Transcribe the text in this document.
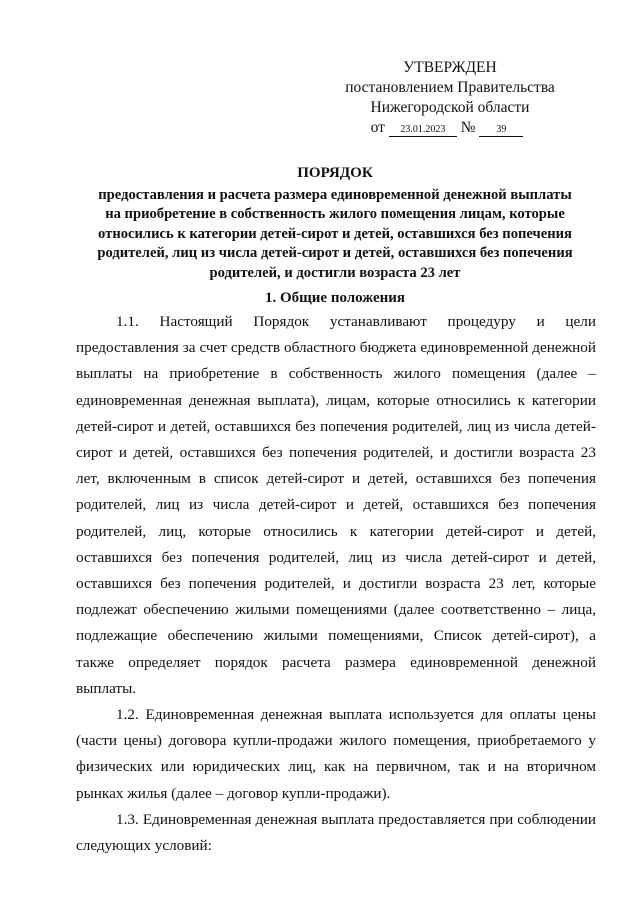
УТВЕРЖДЕН
постановлением Правительства
Нижегородской области
от 23.01.2023 № 39
ПОРЯДОК
предоставления и расчета размера единовременной денежной выплаты
на приобретение в собственность жилого помещения лицам, которые
относились к категории детей-сирот и детей, оставшихся без попечения
родителей, лиц из числа детей-сирот и детей, оставшихся без попечения
родителей, и достигли возраста 23 лет
1. Общие положения

1.1. Настоящий Порядок устанавливают процедуру и цели предоставления за счет средств областного бюджета единовременной денежной выплаты на приобретение в собственность жилого помещения (далее – единовременная денежная выплата), лицам, которые относились к категории детей-сирот и детей, оставшихся без попечения родителей, лиц из числа детей-сирот и детей, оставшихся без попечения родителей, и достигли возраста 23 лет, включенным в список детей-сирот и детей, оставшихся без попечения родителей, лиц из числа детей-сирот и детей, оставшихся без попечения родителей, лиц, которые относились к категории детей-сирот и детей, оставшихся без попечения родителей, лиц из числа детей-сирот и детей, оставшихся без попечения родителей, и достигли возраста 23 лет, которые подлежат обеспечению жилыми помещениями (далее соответственно – лица, подлежащие обеспечению жилыми помещениями, Список детей-сирот), а также определяет порядок расчета размера единовременной денежной выплаты.

1.2. Единовременная денежная выплата используется для оплаты цены (части цены) договора купли-продажи жилого помещения, приобретаемого у физических или юридических лиц, как на первичном, так и на вторичном рынках жилья (далее – договор купли-продажи).

1.3. Единовременная денежная выплата предоставляется при соблюдении следующих условий:
